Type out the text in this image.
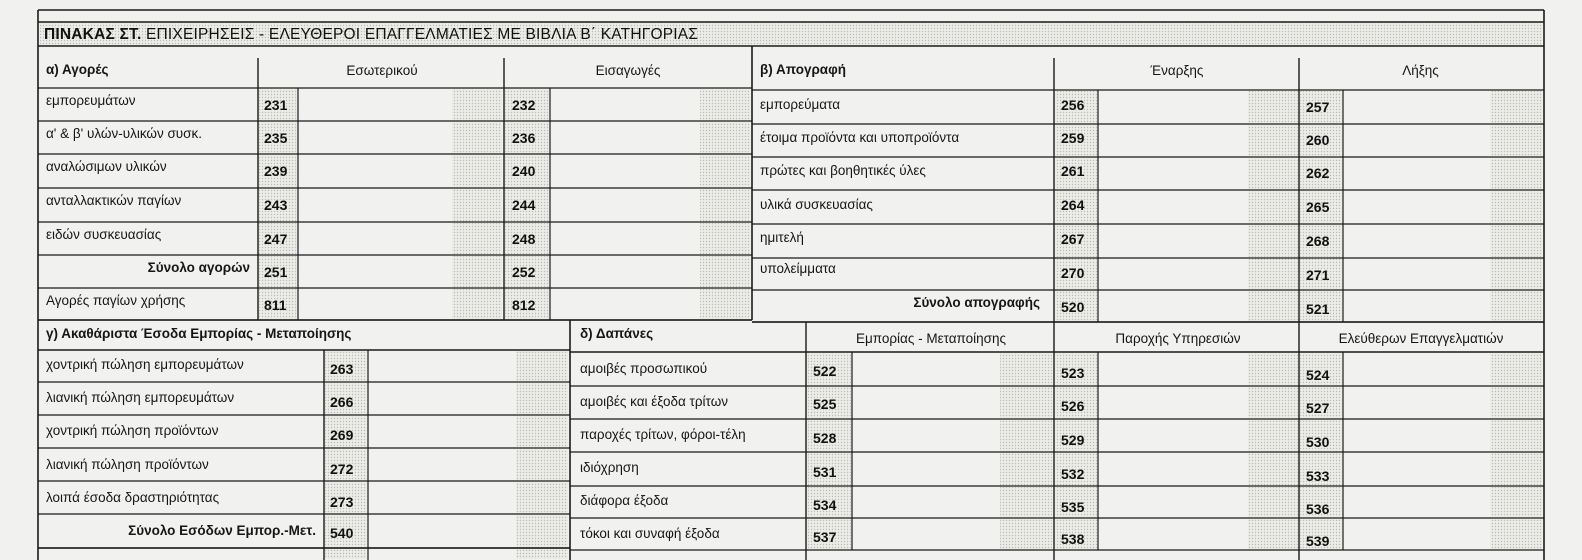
ΠΙΝΑΚΑΣ ΣΤ. ΕΠΙΧΕΙΡΗΣΕΙΣ - ΕΛΕΥΘΕΡΟΙ ΕΠΑΓΓΕΛΜΑΤΙΕΣ ΜΕ ΒΙΒΛΙΑ Β΄ ΚΑΤΗΓΟΡΙΑΣ
α) Αγορές	Εσωτερικού	Εισαγωγές	β) Απογραφή	Έναρξης	Λήξης
γ) Ακαθάριστα Έσοδα Εμπορίας - Μεταποίησης	δ) Δαπάνες	Εμπορίας - Μεταποίησης	Παροχής Υπηρεσιών	Ελεύθερων Επαγγελματιών
εμπορευμάτων	231	232
α' & β' υλών-υλικών συσκ.	235	236
αναλώσιμων υλικών	239	240
ανταλλακτικών παγίων	243	244
ειδών συσκευασίας	247	248
Σύνολο αγορών 251	252
Αγορές παγίων χρήσης	811	812
εμπορεύματα	256	257
έτοιμα προϊόντα και υποπροϊόντα	259	260
πρώτες και βοηθητικές ύλες	261	262
υλικά συσκευασίας	264	265
ημιτελή	267	268
υπολείμματα	270	271
Σύνολο απογραφής 520	521
χοντρική πώληση εμπορευμάτων	263
λιανική πώληση εμπορευμάτων	266
χοντρική πώληση προϊόντων	269
λιανική πώληση προϊόντων	272
λοιπά έσοδα δραστηριότητας	273
Σύνολο Εσόδων Εμπορ.-Μετ. 540
αμοιβές προσωπικού	522	523	524
αμοιβές και έξοδα τρίτων	525	526	527
παροχές τρίτων, φόροι-τέλη	528	529	530
ιδιόχρηση	531	532	533
διάφορα έξοδα	534	535	536
τόκοι και συναφή έξοδα	537	538	539
